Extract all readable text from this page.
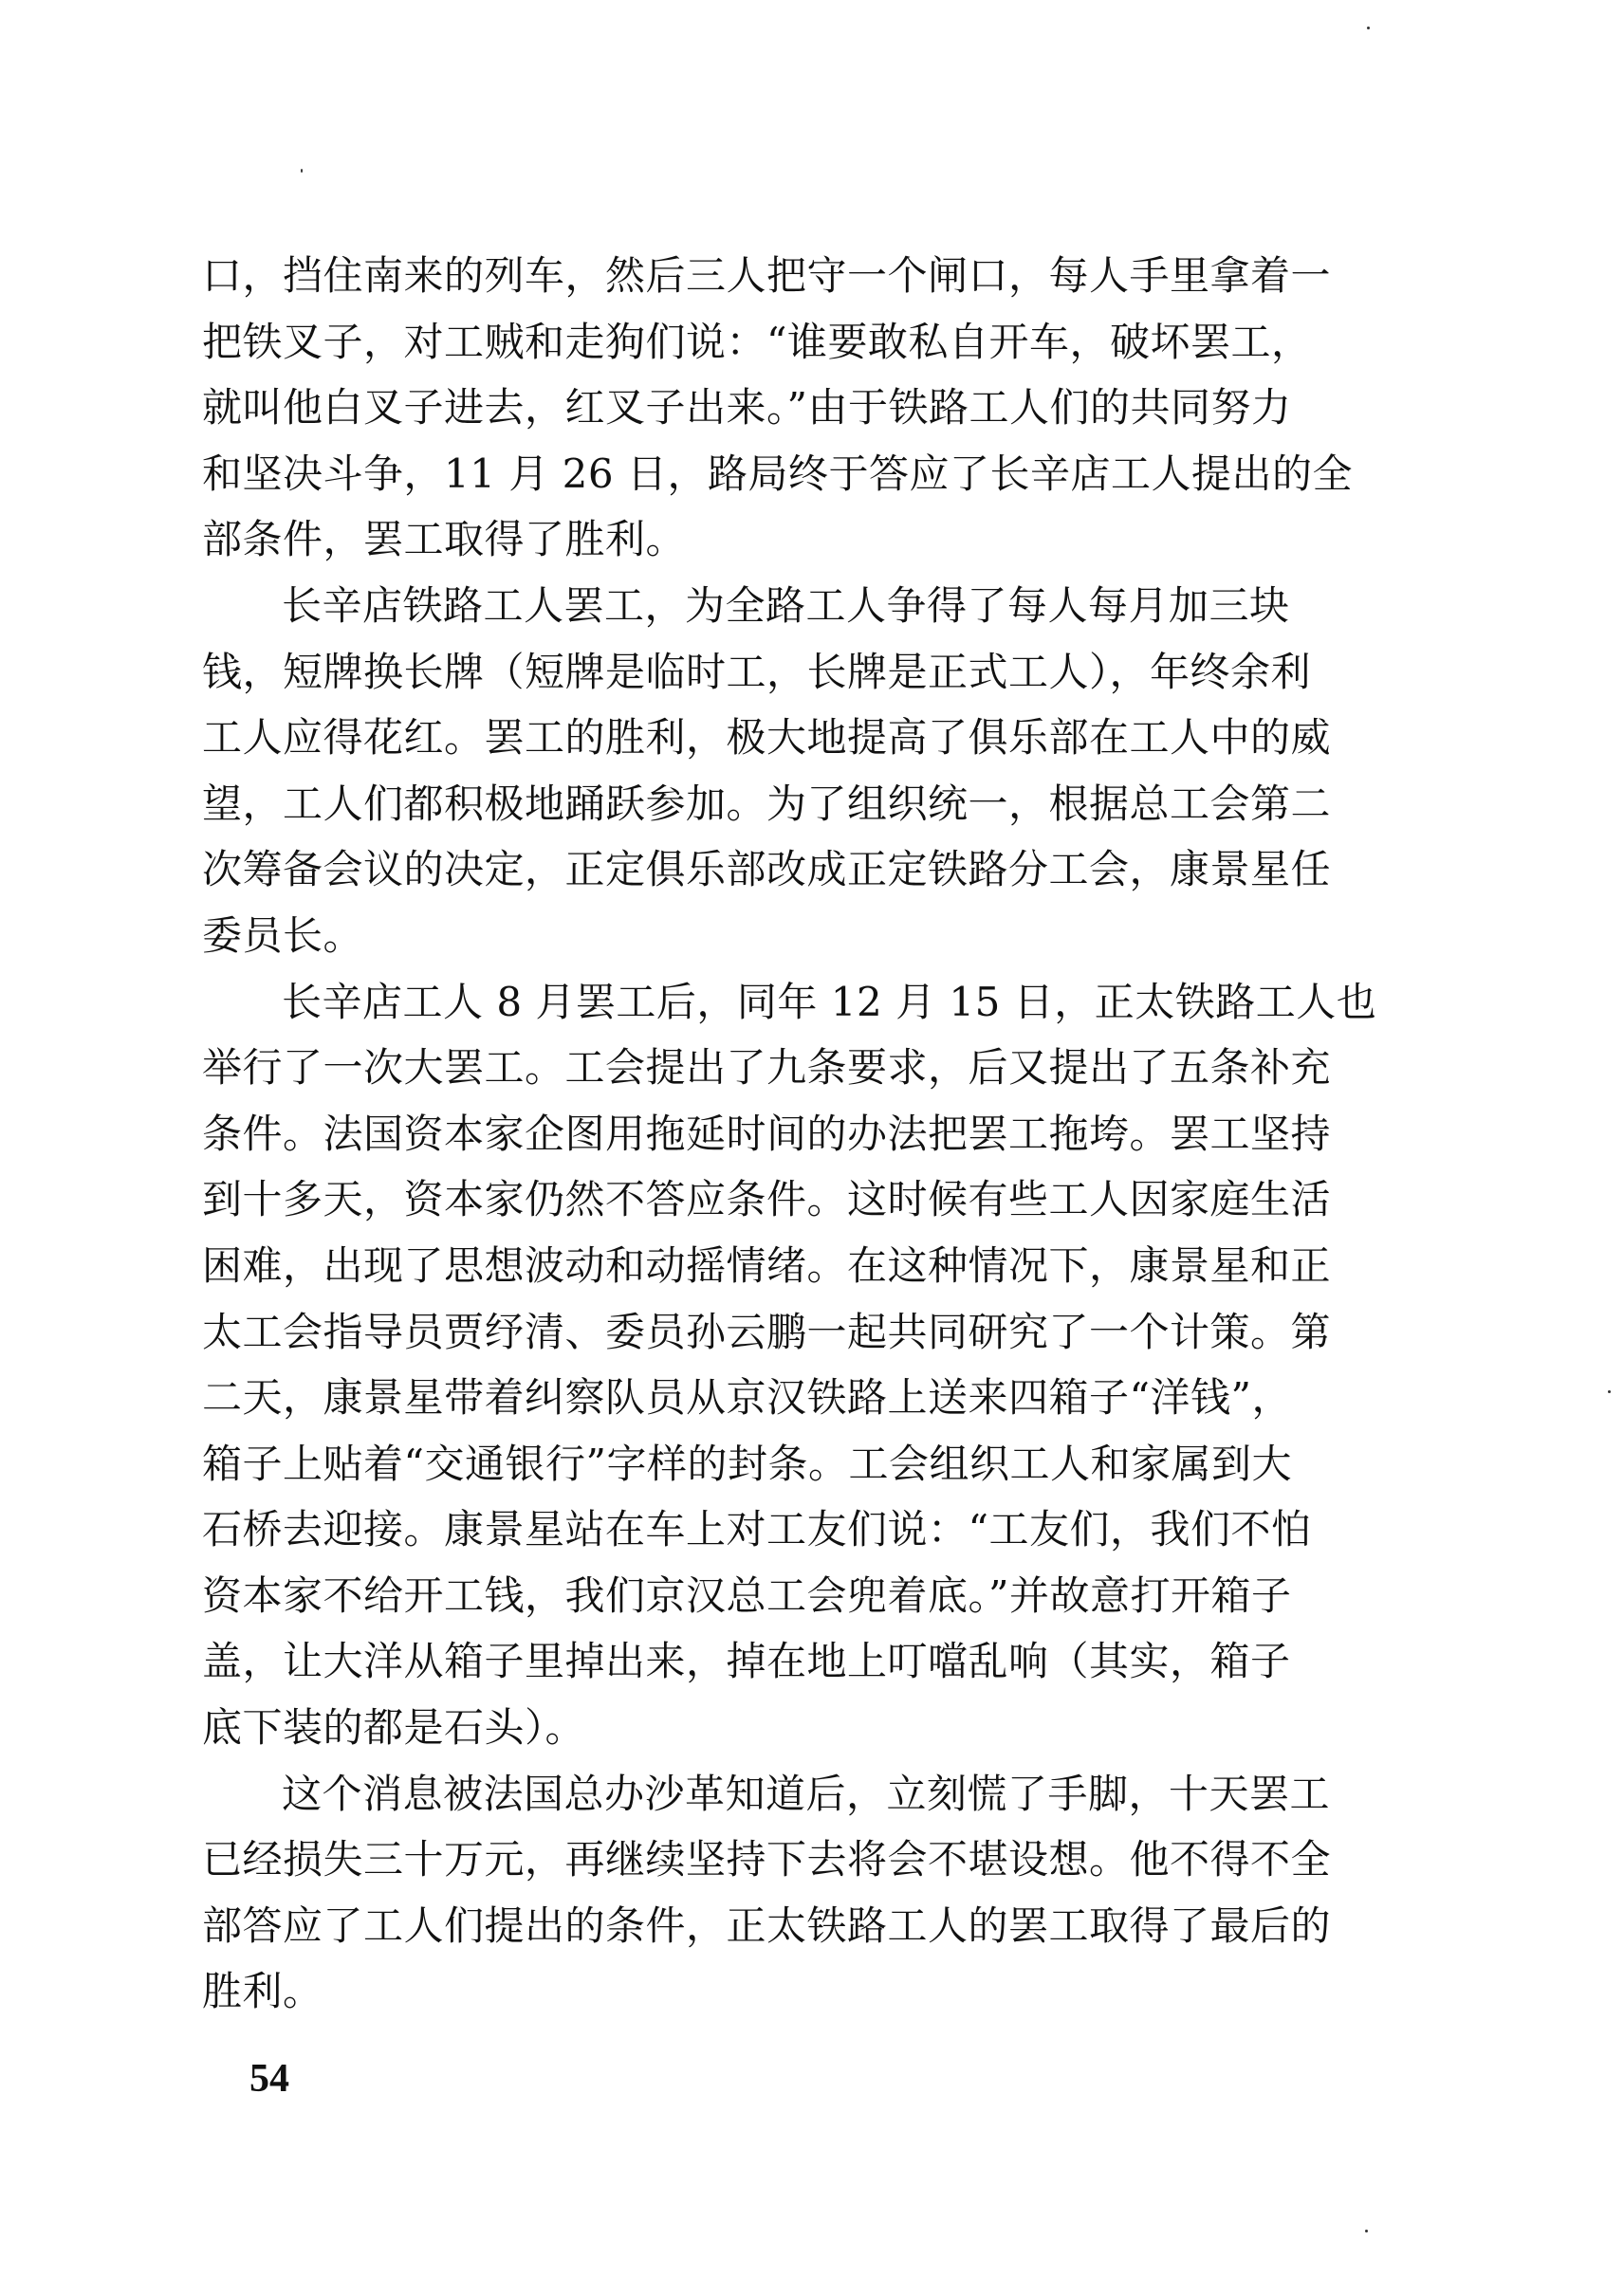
口，挡住南来的列车，然后三人把守一个闸口，每人手里拿着一
把铁叉子，对工贼和走狗们说：“谁要敢私自开车，破坏罢工，
就叫他白叉子进去，红叉子出来。”由于铁路工人们的共同努力
和坚决斗争，11 月 26 日，路局终于答应了长辛店工人提出的全
部条件，罢工取得了胜利。
长辛店铁路工人罢工，为全路工人争得了每人每月加三块
钱，短牌换长牌（短牌是临时工，长牌是正式工人），年终余利
工人应得花红。罢工的胜利，极大地提高了俱乐部在工人中的威
望，工人们都积极地踊跃参加。为了组织统一，根据总工会第二
次筹备会议的决定，正定俱乐部改成正定铁路分工会，康景星任
委员长。
长辛店工人 8 月罢工后，同年 12 月 15 日，正太铁路工人也
举行了一次大罢工。工会提出了九条要求，后又提出了五条补充
条件。法国资本家企图用拖延时间的办法把罢工拖垮。罢工坚持
到十多天，资本家仍然不答应条件。这时候有些工人因家庭生活
困难，出现了思想波动和动摇情绪。在这种情况下，康景星和正
太工会指导员贾纾清、委员孙云鹏一起共同研究了一个计策。第
二天，康景星带着纠察队员从京汉铁路上送来四箱子“洋钱”，
箱子上贴着“交通银行”字样的封条。工会组织工人和家属到大
石桥去迎接。康景星站在车上对工友们说：“工友们，我们不怕
资本家不给开工钱，我们京汉总工会兜着底。”并故意打开箱子
盖，让大洋从箱子里掉出来，掉在地上叮噹乱响（其实，箱子
底下装的都是石头）。
这个消息被法国总办沙革知道后，立刻慌了手脚，十天罢工
已经损失三十万元，再继续坚持下去将会不堪设想。他不得不全
部答应了工人们提出的条件，正太铁路工人的罢工取得了最后的
胜利。
54
